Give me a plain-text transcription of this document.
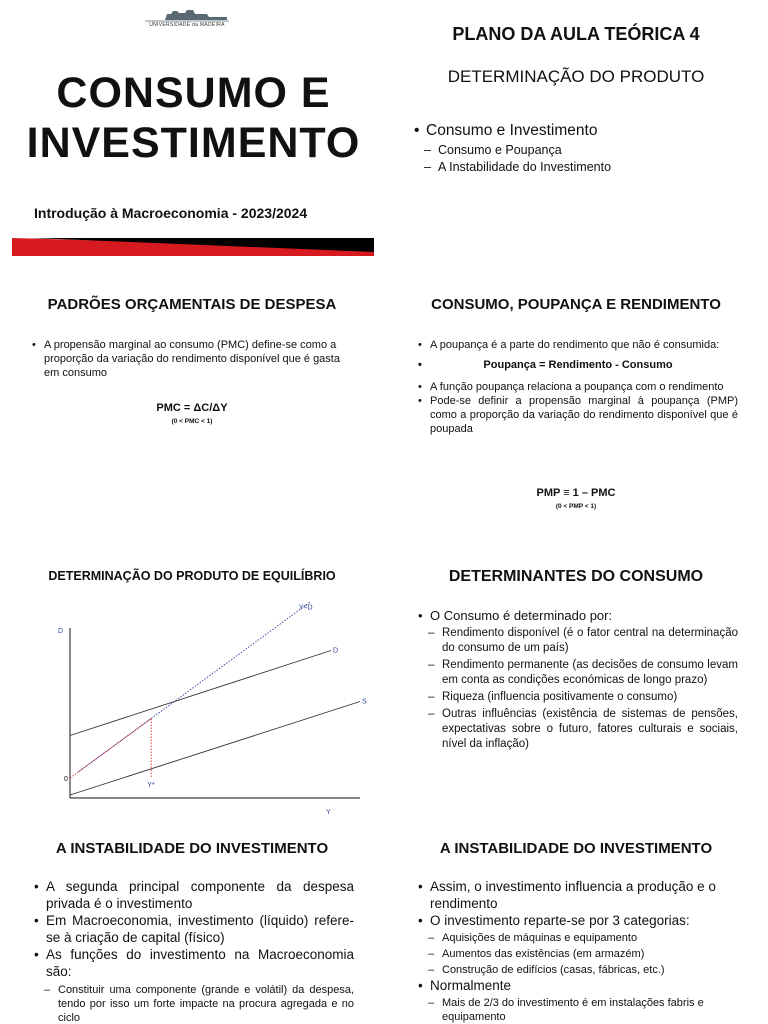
UNIVERSIDADE da MADEIRA
CONSUMO E
INVESTIMENTO
Introdução à Macroeconomia - 2023/2024
PLANO DA AULA TEÓRICA 4
DETERMINAÇÃO DO PRODUTO
• Consumo e Investimento
– Consumo e Poupança
– A Instabilidade do Investimento
PADRÕES ORÇAMENTAIS DE DESPESA
• A propensão marginal ao consumo (PMC) define-se como a proporção da variação do rendimento disponível que é gasta em consumo
PMC = ΔC/ΔY
(0 < PMC < 1)
CONSUMO, POUPANÇA E RENDIMENTO
• A poupança é a parte do rendimento que não é consumida:
• Poupança = Rendimento - Consumo
• A função poupança relaciona a poupança com o rendimento
• Pode-se definir a propensão marginal à poupança (PMP) como a proporção da variação do rendimento disponível que é poupada
PMP ≡ 1 – PMC
(0 < PMP < 1)
DETERMINAÇÃO DO PRODUTO DE EQUILÍBRIO
D
Y
0
Y=D
D
S
Y*
DETERMINANTES DO CONSUMO
• O Consumo é determinado por:
– Rendimento disponível (é o fator central na determinação do consumo de um país)
– Rendimento permanente (as decisões de consumo levam em conta as condições económicas de longo prazo)
– Riqueza (influencia positivamente o consumo)
– Outras influências (existência de sistemas de pensões, expectativas sobre o futuro, fatores culturais e sociais, nível da inflação)
A INSTABILIDADE DO INVESTIMENTO
• A segunda principal componente da despesa privada é o investimento
• Em Macroeconomia, investimento (líquido) refere-se à criação de capital (físico)
• As funções do investimento na Macroeconomia são:
– Constituir uma componente (grande e volátil) da despesa, tendo por isso um forte impacte na procura agregada e no ciclo
A INSTABILIDADE DO INVESTIMENTO
• Assim, o investimento influencia a produção e o rendimento
• O investimento reparte-se por 3 categorias:
– Aquisições de máquinas e equipamento
– Aumentos das existências (em armazém)
– Construção de edifícios (casas, fábricas, etc.)
• Normalmente
– Mais de 2/3 do investimento é em instalações fabris e equipamento
